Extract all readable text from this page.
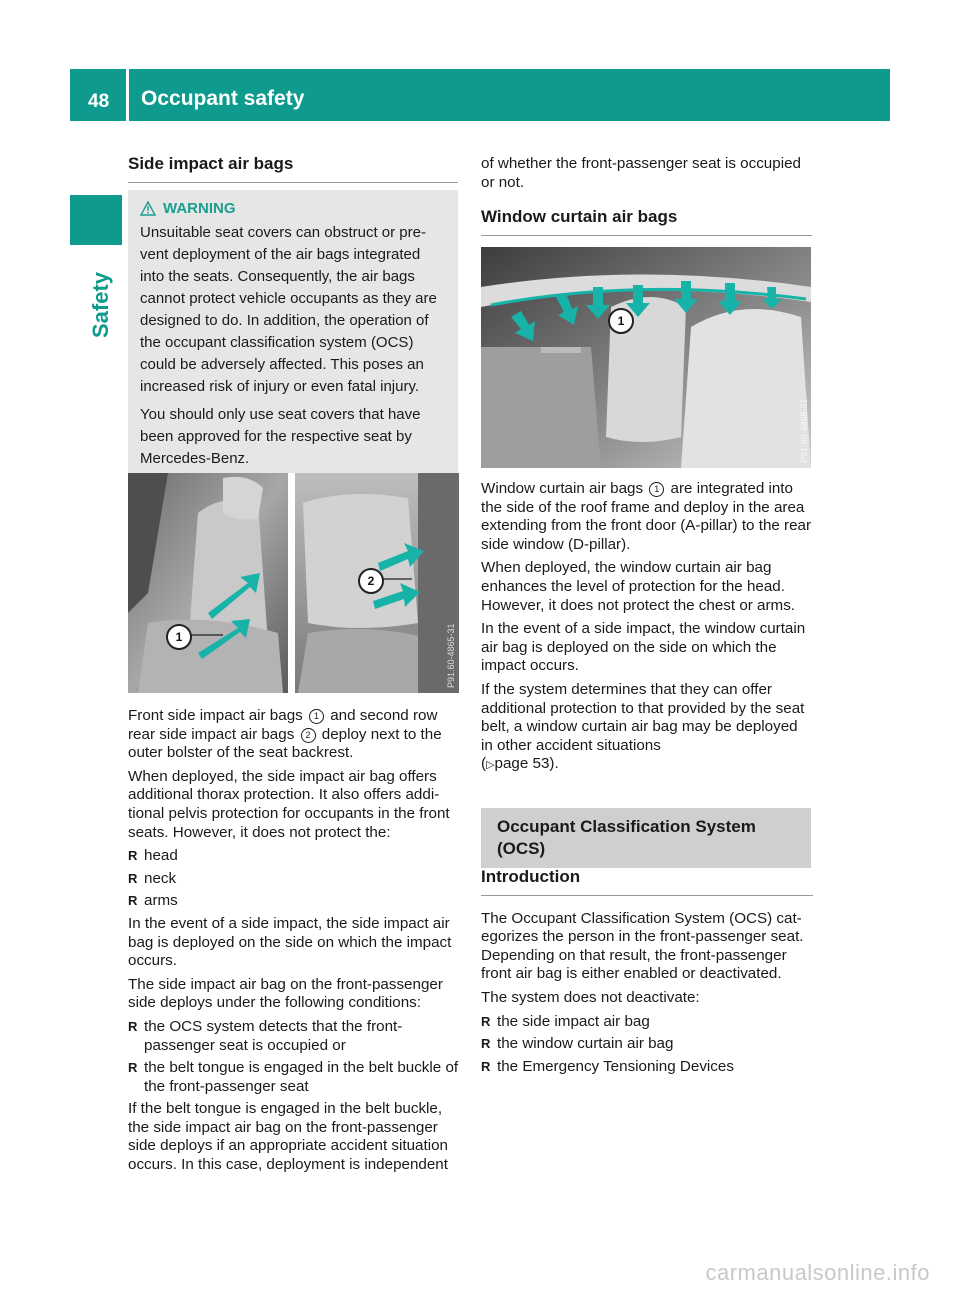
48 Occupant safety
Safety
Side impact air bags
WARNING

Unsuitable seat covers can obstruct or pre-vent deployment of the air bags integrated into the seats. Consequently, the air bags cannot protect vehicle occupants as they are designed to do. In addition, the operation of the occupant classification system (OCS) could be adversely affected. This poses an increased risk of injury or even fatal injury.

You should only use seat covers that have been approved for the respective seat by Mercedes-Benz.

1
2
P91.60-4865-31

Front side impact air bags 1 and second row rear side impact air bags 2 deploy next to the outer bolster of the seat backrest.

When deployed, the side impact air bag offers additional thorax protection. It also offers addi-tional pelvis protection for occupants in the front seats. However, it does not protect the:

R head
R neck
R arms

In the event of a side impact, the side impact air bag is deployed on the side on which the impact occurs.

The side impact air bag on the front-passenger side deploys under the following conditions:

R the OCS system detects that the front-passenger seat is occupied or
R the belt tongue is engaged in the belt buckle of the front-passenger seat

If the belt tongue is engaged in the belt buckle, the side impact air bag on the front-passenger side deploys if an appropriate accident situation occurs. In this case, deployment is independent

of whether the front-passenger seat is occupied or not.

Window curtain air bags
1
P91.60-4866-31

Window curtain air bags 1 are integrated into the side of the roof frame and deploy in the area extending from the front door (A-pillar) to the rear side window (D-pillar).

When deployed, the window curtain air bag enhances the level of protection for the head. However, it does not protect the chest or arms.

In the event of a side impact, the window curtain air bag is deployed on the side on which the impact occurs.

If the system determines that they can offer additional protection to that provided by the seat belt, a window curtain air bag may be deployed in other accident situations
(▷page 53).

Occupant Classification System
(OCS)
Introduction

The Occupant Classification System (OCS) cat-egorizes the person in the front-passenger seat. Depending on that result, the front-passenger front air bag is either enabled or deactivated.

The system does not deactivate:

R the side impact air bag
R the window curtain air bag
R the Emergency Tensioning Devices
carmanualsonline.info
